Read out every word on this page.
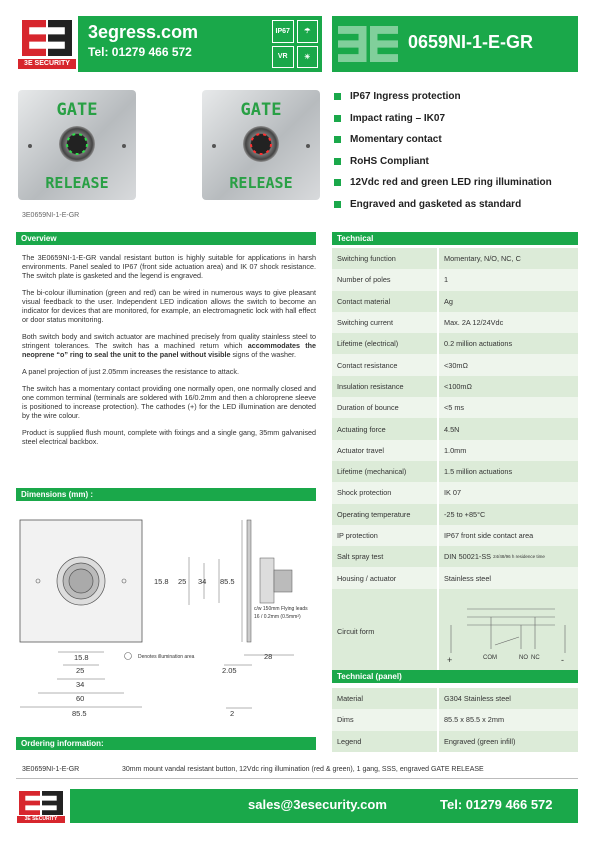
3E SECURITY
3egress.com
Tel: 01279 466 572
IP67	☂
VR	☀
0659NI-1-E-GR
GATE
RELEASE
GATE
RELEASE
3E0659NI-1-E-GR
IP67 Ingress protection
Impact rating – IK07
Momentary contact
RoHS Compliant
12Vdc red and green LED ring illumination
Engraved and gasketed as standard
Overview

The 3E0659NI-1-E-GR vandal resistant button is highly suitable for applications in harsh environments. Panel sealed to IP67 (front side actuation area) and IK 07 shock resistance. The switch plate is gasketed and the legend is engraved.

The bi-colour illumination (green and red) can be wired in numerous ways to give pleasant visual feedback to the user. Independent LED indication allows the switch to become an indicator for devices that are monitored, for example, an electromagnetic lock with hall effect or door status monitoring.

Both switch body and switch actuator are machined precisely from quality stainless steel to stringent tolerances. The switch has a machined return which accommodates the neoprene “o” ring to seal the unit to the panel without visible signs of the washer.

A panel projection of just 2.05mm increases the resistance to attack.

The switch has a momentary contact providing one normally open, one normally closed and one common terminal (terminals are soldered with 16/0.2mm and then a chloroprene sleeve is positioned to increase protection). The cathodes (+) for the LED illumination are denoted by the wire colour.

Product is supplied flush mount, complete with fixings and a single gang, 35mm galvanised steel electrical backbox.

Dimensions (mm) :
15.8 25 34 85.5
15.8
25
34
60
85.5
28
2.05
2
c/w 150mm Flying leads
16 / 0.2mm (0.5mm²)
Denotes illumination area
Technical
Switching function	Momentary, N/O, NC, C
Number of poles	1
Contact material	Ag
Switching current	Max. 2A 12/24Vdc
Lifetime (electrical)	0.2 million actuations
Contact resistance	<30mΩ
Insulation resistance	<100mΩ
Duration of bounce	<5 ms
Actuating force	4.5N
Actuator travel	1.0mm
Lifetime (mechanical)	1.5 million actuations
Shock protection	IK 07
Operating temperature	-25 to +85°C
IP protection	IP67 front side contact area
Salt spray test	DIN 50021-SS
24/48/96 h residence time
Housing / actuator	Stainless steel
Circuit form
COM	NO NC
+	-
Technical (panel)
Material	G304 Stainless steel
Dims	85.5 x 85.5 x 2mm
Legend	Engraved (green infill)
Ordering information:
3E0659NI-1-E-GR	30mm mount vandal resistant button, 12Vdc ring illumination (red & green), 1 gang, SSS, engraved GATE RELEASE
3E SECURITY
sales@3esecurity.com	Tel: 01279 466 572
